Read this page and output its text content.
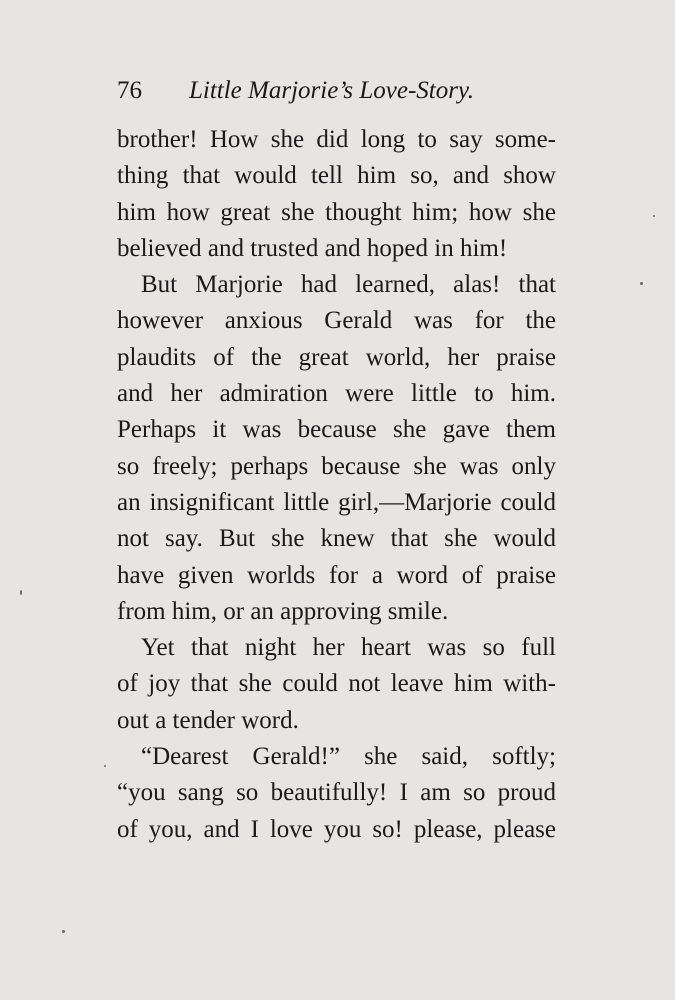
76 Little Marjorie’s Love-Story.
brother! How she did long to say some-
thing that would tell him so, and show
him how great she thought him; how she
believed and trusted and hoped in him!
But Marjorie had learned, alas! that
however anxious Gerald was for the
plaudits of the great world, her praise
and her admiration were little to him.
Perhaps it was because she gave them
so freely; perhaps because she was only
an insignificant little girl,—Marjorie could
not say. But she knew that she would
have given worlds for a word of praise
from him, or an approving smile.
Yet that night her heart was so full
of joy that she could not leave him with-
out a tender word.
“Dearest Gerald!” she said, softly;
“you sang so beautifully! I am so proud
of you, and I love you so! please, please
